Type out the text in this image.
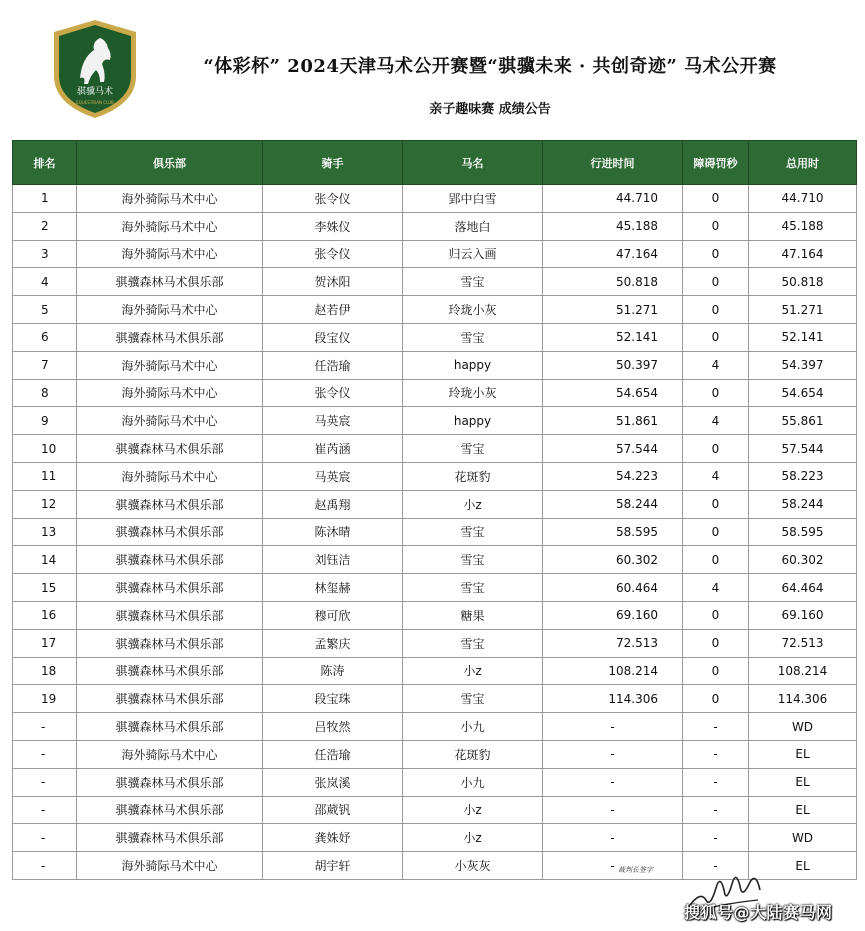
骐骥马术
EQUESTRIAN CLUB
“体彩杯” 2024天津马术公开赛暨“骐骥未来 · 共创奇迹” 马术公开赛
亲子趣味赛 成绩公告
排名	俱乐部	骑手	马名	行进时间	障碍罚秒	总用时
1	海外骑际马术中心	张令仪	郢中白雪	44.710	0	44.710
2	海外骑际马术中心	李姝仪	落地白	45.188	0	45.188
3	海外骑际马术中心	张令仪	归云入画	47.164	0	47.164
4	骐骥森林马术俱乐部	贺沐阳	雪宝	50.818	0	50.818
5	海外骑际马术中心	赵若伊	玲珑小灰	51.271	0	51.271
6	骐骥森林马术俱乐部	段宝仪	雪宝	52.141	0	52.141
7	海外骑际马术中心	任浩瑜	happy	50.397	4	54.397
8	海外骑际马术中心	张令仪	玲珑小灰	54.654	0	54.654
9	海外骑际马术中心	马英宸	happy	51.861	4	55.861
10	骐骥森林马术俱乐部	崔芮涵	雪宝	57.544	0	57.544
11	海外骑际马术中心	马英宸	花斑豹	54.223	4	58.223
12	骐骥森林马术俱乐部	赵禹翔	小z	58.244	0	58.244
13	骐骥森林马术俱乐部	陈沐晴	雪宝	58.595	0	58.595
14	骐骥森林马术俱乐部	刘钰洁	雪宝	60.302	0	60.302
15	骐骥森林马术俱乐部	林玺赫	雪宝	60.464	4	64.464
16	骐骥森林马术俱乐部	穆可欣	糖果	69.160	0	69.160
17	骐骥森林马术俱乐部	孟繁庆	雪宝	72.513	0	72.513
18	骐骥森林马术俱乐部	陈涛	小z	108.214	0	108.214
19	骐骥森林马术俱乐部	段宝珠	雪宝	114.306	0	114.306
-	骐骥森林马术俱乐部	吕牧然	小九	-	-	WD
-	海外骑际马术中心	任浩瑜	花斑豹	-	-	EL
-	骐骥森林马术俱乐部	张岚溪	小九	-	-	EL
-	骐骥森林马术俱乐部	邵葳钒	小z	-	-	EL
-	骐骥森林马术俱乐部	龚姝妤	小z	-	-	WD
-	海外骑际马术中心	胡宇轩	小灰灰	-	-	EL
裁判长签字
搜狐号@大陆赛马网
